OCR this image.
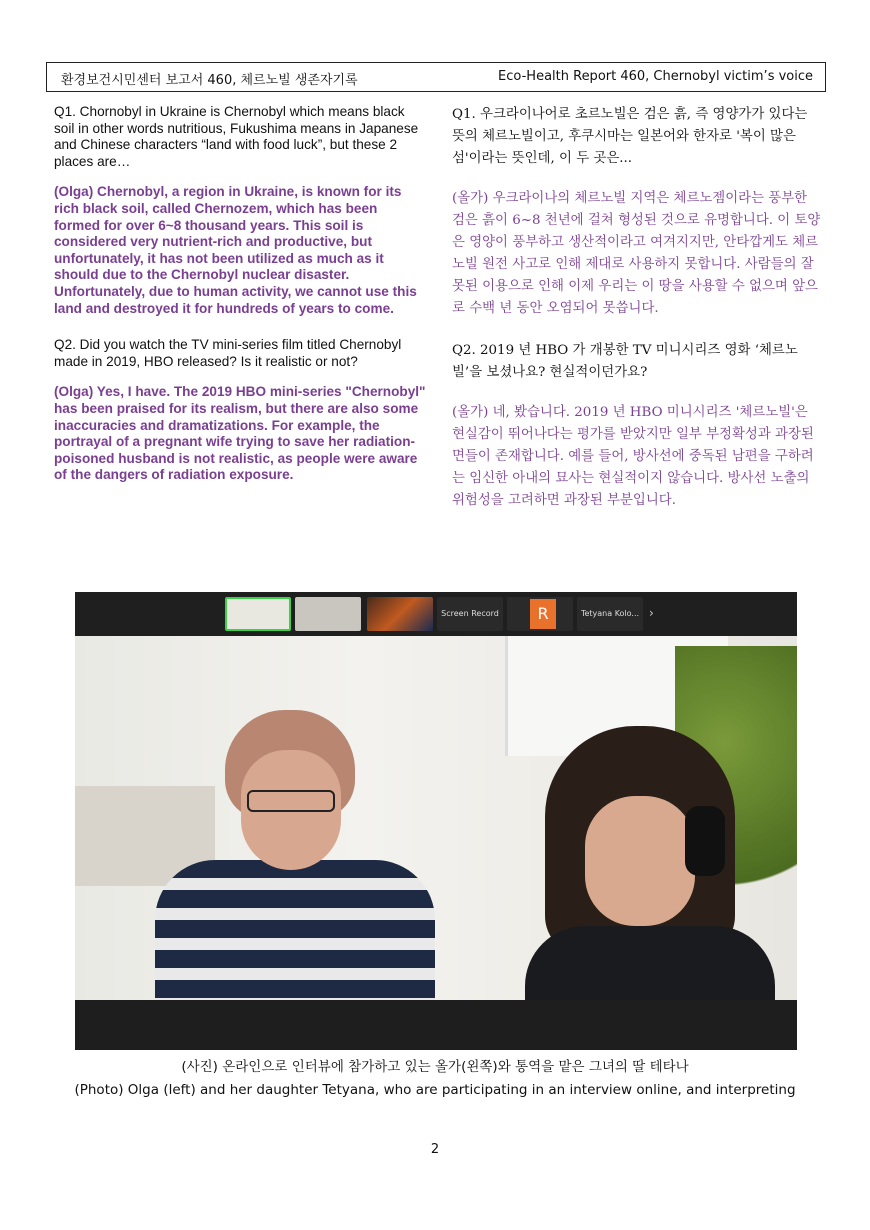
환경보건시민센터 보고서 460, 체르노빌 생존자기록	Eco-Health Report 460, Chernobyl victim’s voice

Q1. Chornobyl in Ukraine is Chernobyl which means black soil in other words nutritious, Fukushima means in Japanese and Chinese characters “land with food luck”, but these 2 places are…

(Olga) Chernobyl, a region in Ukraine, is known for its rich black soil, called Chernozem, which has been formed for over 6~8 thousand years. This soil is considered very nutrient-rich and productive, but unfortunately, it has not been utilized as much as it should due to the Chernobyl nuclear disaster. Unfortunately, due to human activity, we cannot use this land and destroyed it for hundreds of years to come.

Q2. Did you watch the TV mini-series film titled Chernobyl made in 2019, HBO released? Is it realistic or not?

(Olga) Yes, I have. The 2019 HBO mini-series "Chernobyl" has been praised for its realism, but there are also some inaccuracies and dramatizations. For example, the portrayal of a pregnant wife trying to save her radiation-poisoned husband is not realistic, as people were aware of the dangers of radiation exposure.

Q1. 우크라이나어로 초르노빌은 검은 흙, 즉 영양가가 있다는 뜻의 체르노빌이고, 후쿠시마는 일본어와 한자로 '복이 많은 섬'이라는 뜻인데, 이 두 곳은...

(올가) 우크라이나의 체르노빌 지역은 체르노젬이라는 풍부한 검은 흙이 6~8 천년에 걸쳐 형성된 것으로 유명합니다. 이 토양은 영양이 풍부하고 생산적이라고 여겨지지만, 안타깝게도 체르노빌 원전 사고로 인해 제대로 사용하지 못합니다. 사람들의 잘못된 이용으로 인해 이제 우리는 이 땅을 사용할 수 없으며 앞으로 수백 년 동안 오염되어 못씁니다.

Q2. 2019 년 HBO 가 개봉한 TV 미니시리즈 영화 ‘체르노빌’을 보셨나요? 현실적이던가요?

(올가) 네, 봤습니다. 2019 년 HBO 미니시리즈 '체르노빌'은 현실감이 뛰어나다는 평가를 받았지만 일부 부정확성과 과장된 면들이 존재합니다. 예를 들어, 방사선에 중독된 남편을 구하려는 임신한 아내의 묘사는 현실적이지 않습니다. 방사선 노출의 위험성을 고려하면 과장된 부분입니다.

Screen Record	R	Tetyana Kolo... ›
(사진) 온라인으로 인터뷰에 참가하고 있는 올가(왼쪽)와 통역을 맡은 그녀의 딸 테타나
(Photo) Olga (left) and her daughter Tetyana, who are participating in an interview online, and interpreting
2
